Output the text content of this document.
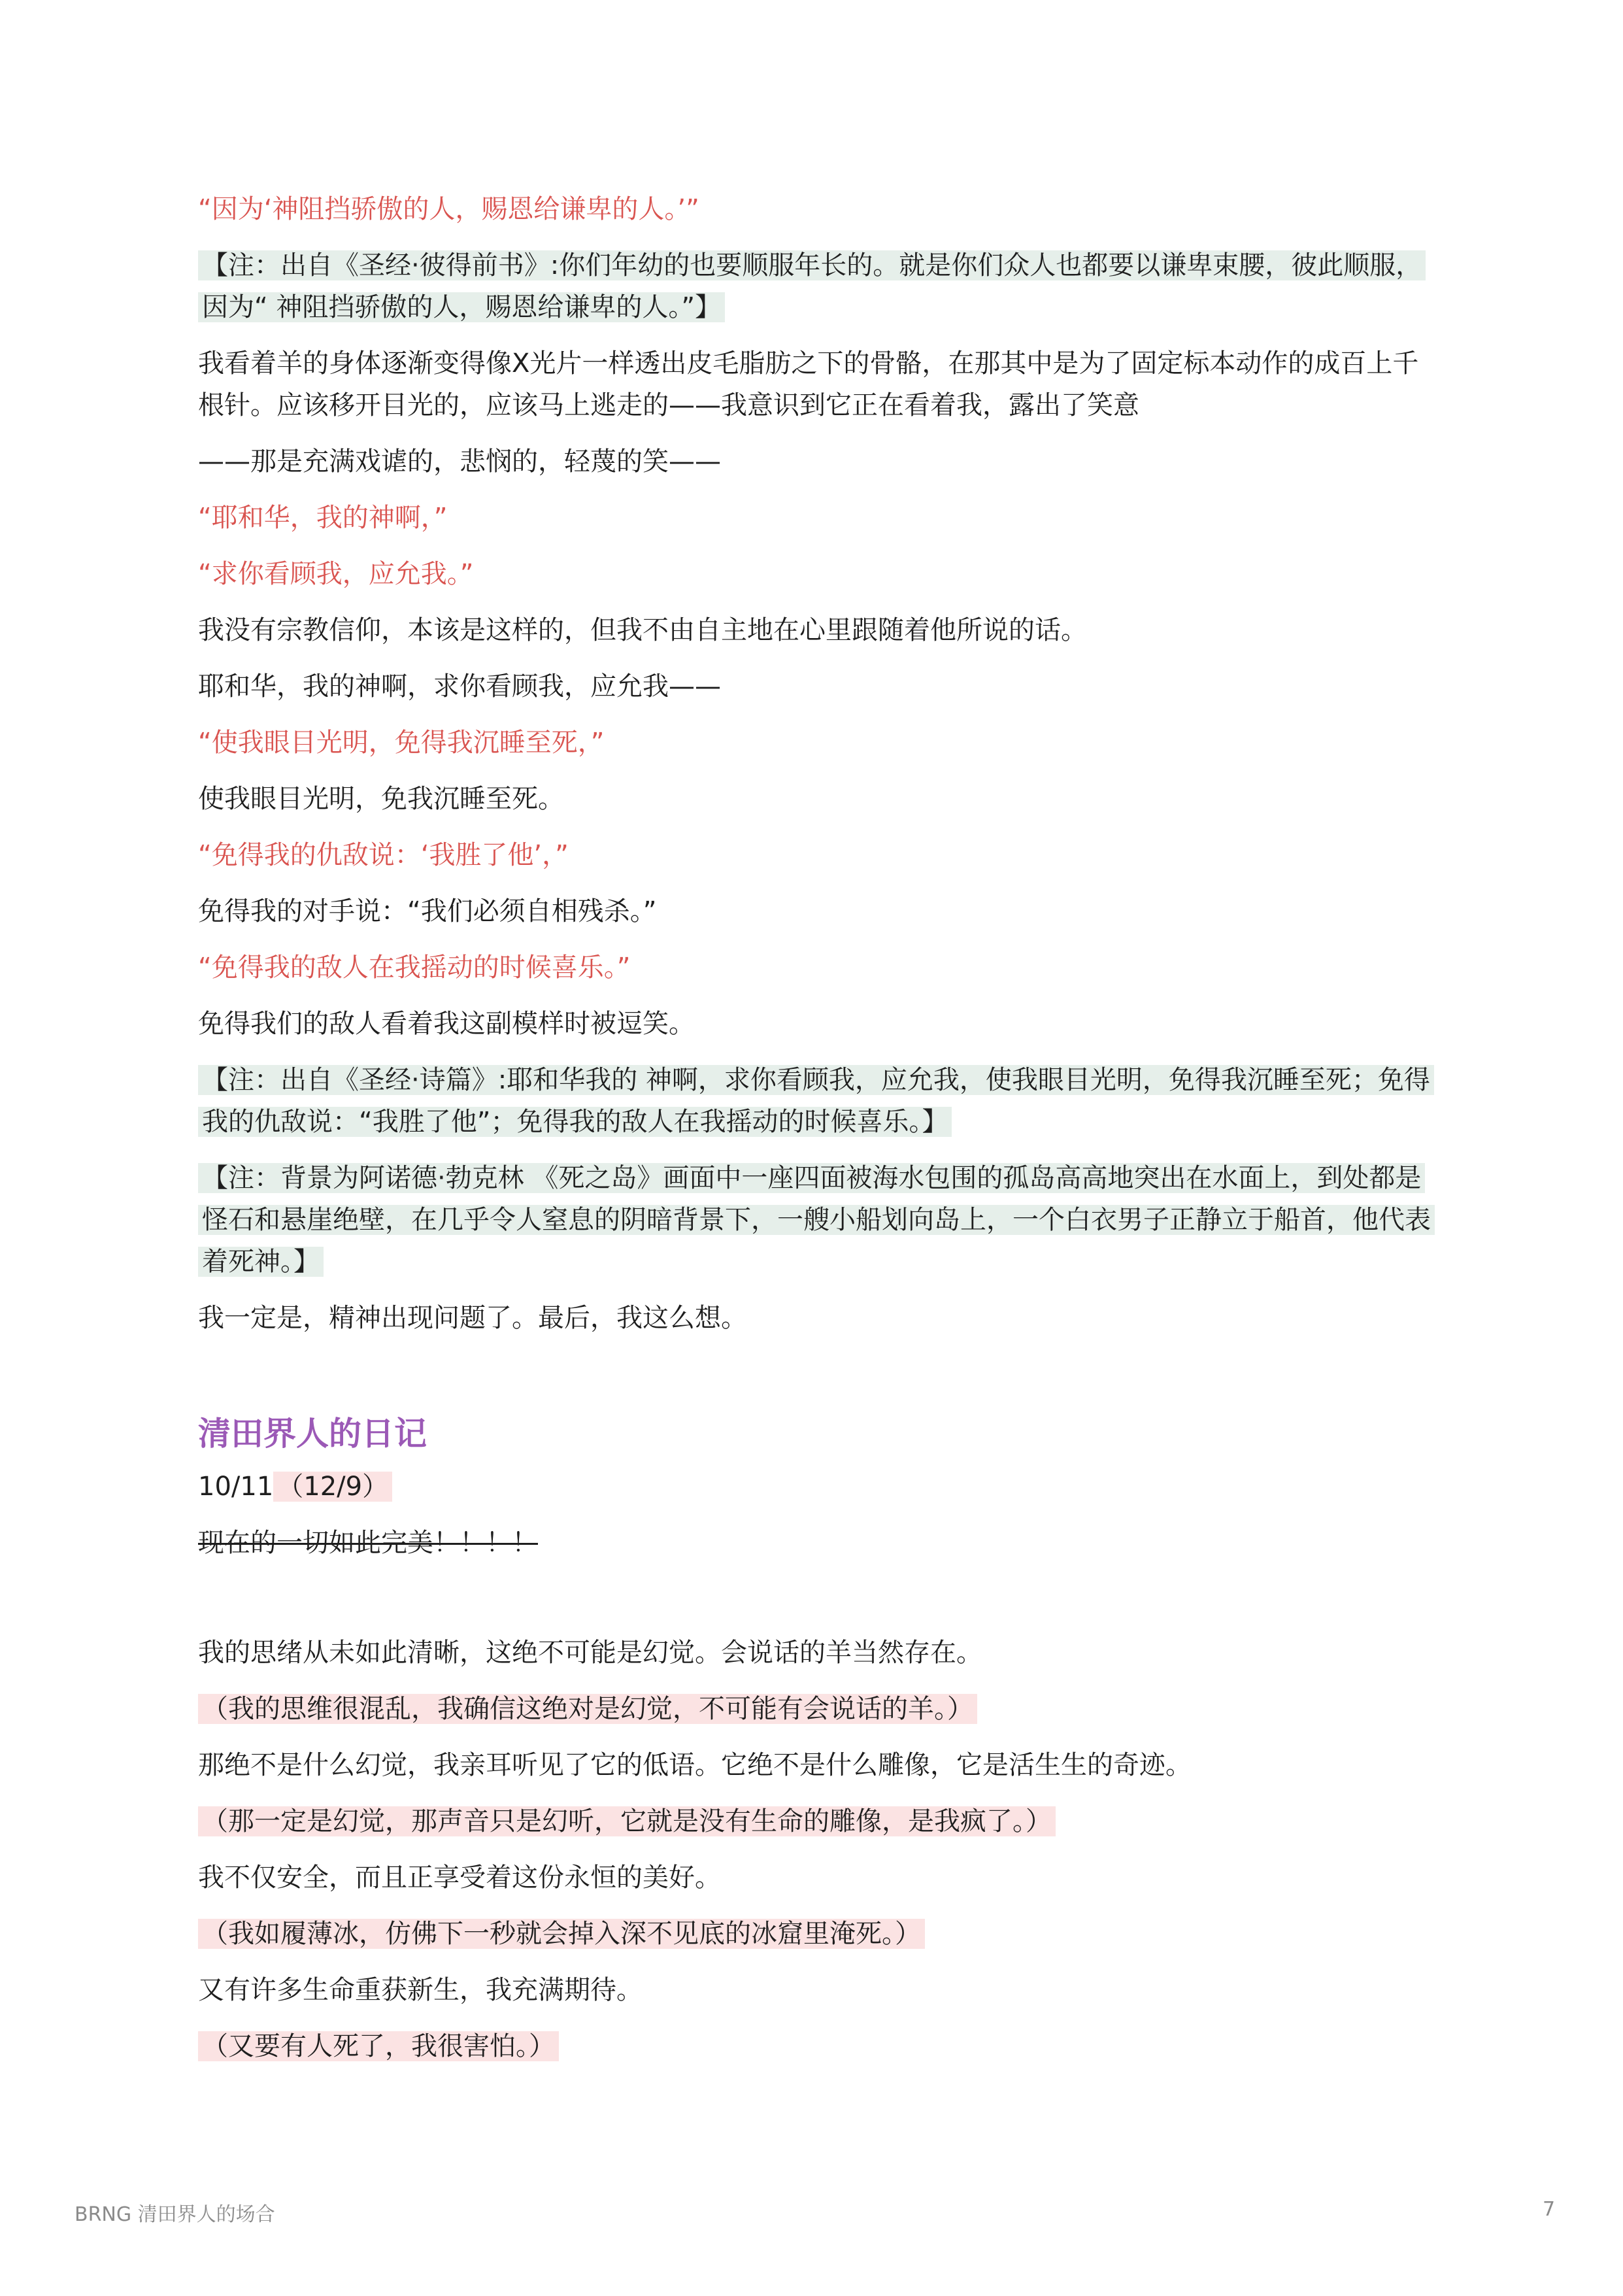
“因为‘神阻挡骄傲的人，赐恩给谦卑的人。’”

【注：出自《圣经·彼得前书》:你们年幼的也要顺服年长的。就是你们众人也都要以谦卑束腰，彼此顺服，因为“ 神阻挡骄傲的人，赐恩给谦卑的人。”】

我看着羊的身体逐渐变得像X光片一样透出皮毛脂肪之下的骨骼，在那其中是为了固定标本动作的成百上千根针。应该移开目光的，应该马上逃走的——我意识到它正在看着我，露出了笑意

——那是充满戏谑的，悲悯的，轻蔑的笑——

“耶和华，我的神啊，”

“求你看顾我，应允我。”

我没有宗教信仰，本该是这样的，但我不由自主地在心里跟随着他所说的话。

耶和华，我的神啊，求你看顾我，应允我——

“使我眼目光明，免得我沉睡至死，”

使我眼目光明，免我沉睡至死。

“免得我的仇敌说：‘我胜了他’，”

免得我的对手说：“我们必须自相残杀。”

“免得我的敌人在我摇动的时候喜乐。”

免得我们的敌人看着我这副模样时被逗笑。

【注：出自《圣经·诗篇》:耶和华我的 神啊，求你看顾我，应允我，使我眼目光明，免得我沉睡至死；免得我的仇敌说：“我胜了他”；免得我的敌人在我摇动的时候喜乐。】

【注：背景为阿诺德·勃克林 《死之岛》画面中一座四面被海水包围的孤岛高高地突出在水面上，到处都是怪石和悬崖绝壁，在几乎令人窒息的阴暗背景下，一艘小船划向岛上，一个白衣男子正静立于船首，他代表着死神。】

我一定是，精神出现问题了。最后，我这么想。

清田界人的日记

10/11 （12/9）

现在的一切如此完美！！！！

我的思绪从未如此清晰，这绝不可能是幻觉。会说话的羊当然存在。

（我的思维很混乱，我确信这绝对是幻觉，不可能有会说话的羊。）

那绝不是什么幻觉，我亲耳听见了它的低语。它绝不是什么雕像，它是活生生的奇迹。

（那一定是幻觉，那声音只是幻听，它就是没有生命的雕像，是我疯了。）

我不仅安全，而且正享受着这份永恒的美好。

（我如履薄冰，仿佛下一秒就会掉入深不见底的冰窟里淹死。）

又有许多生命重获新生，我充满期待。

（又要有人死了，我很害怕。）

BRNG 清田界人的场合	7
